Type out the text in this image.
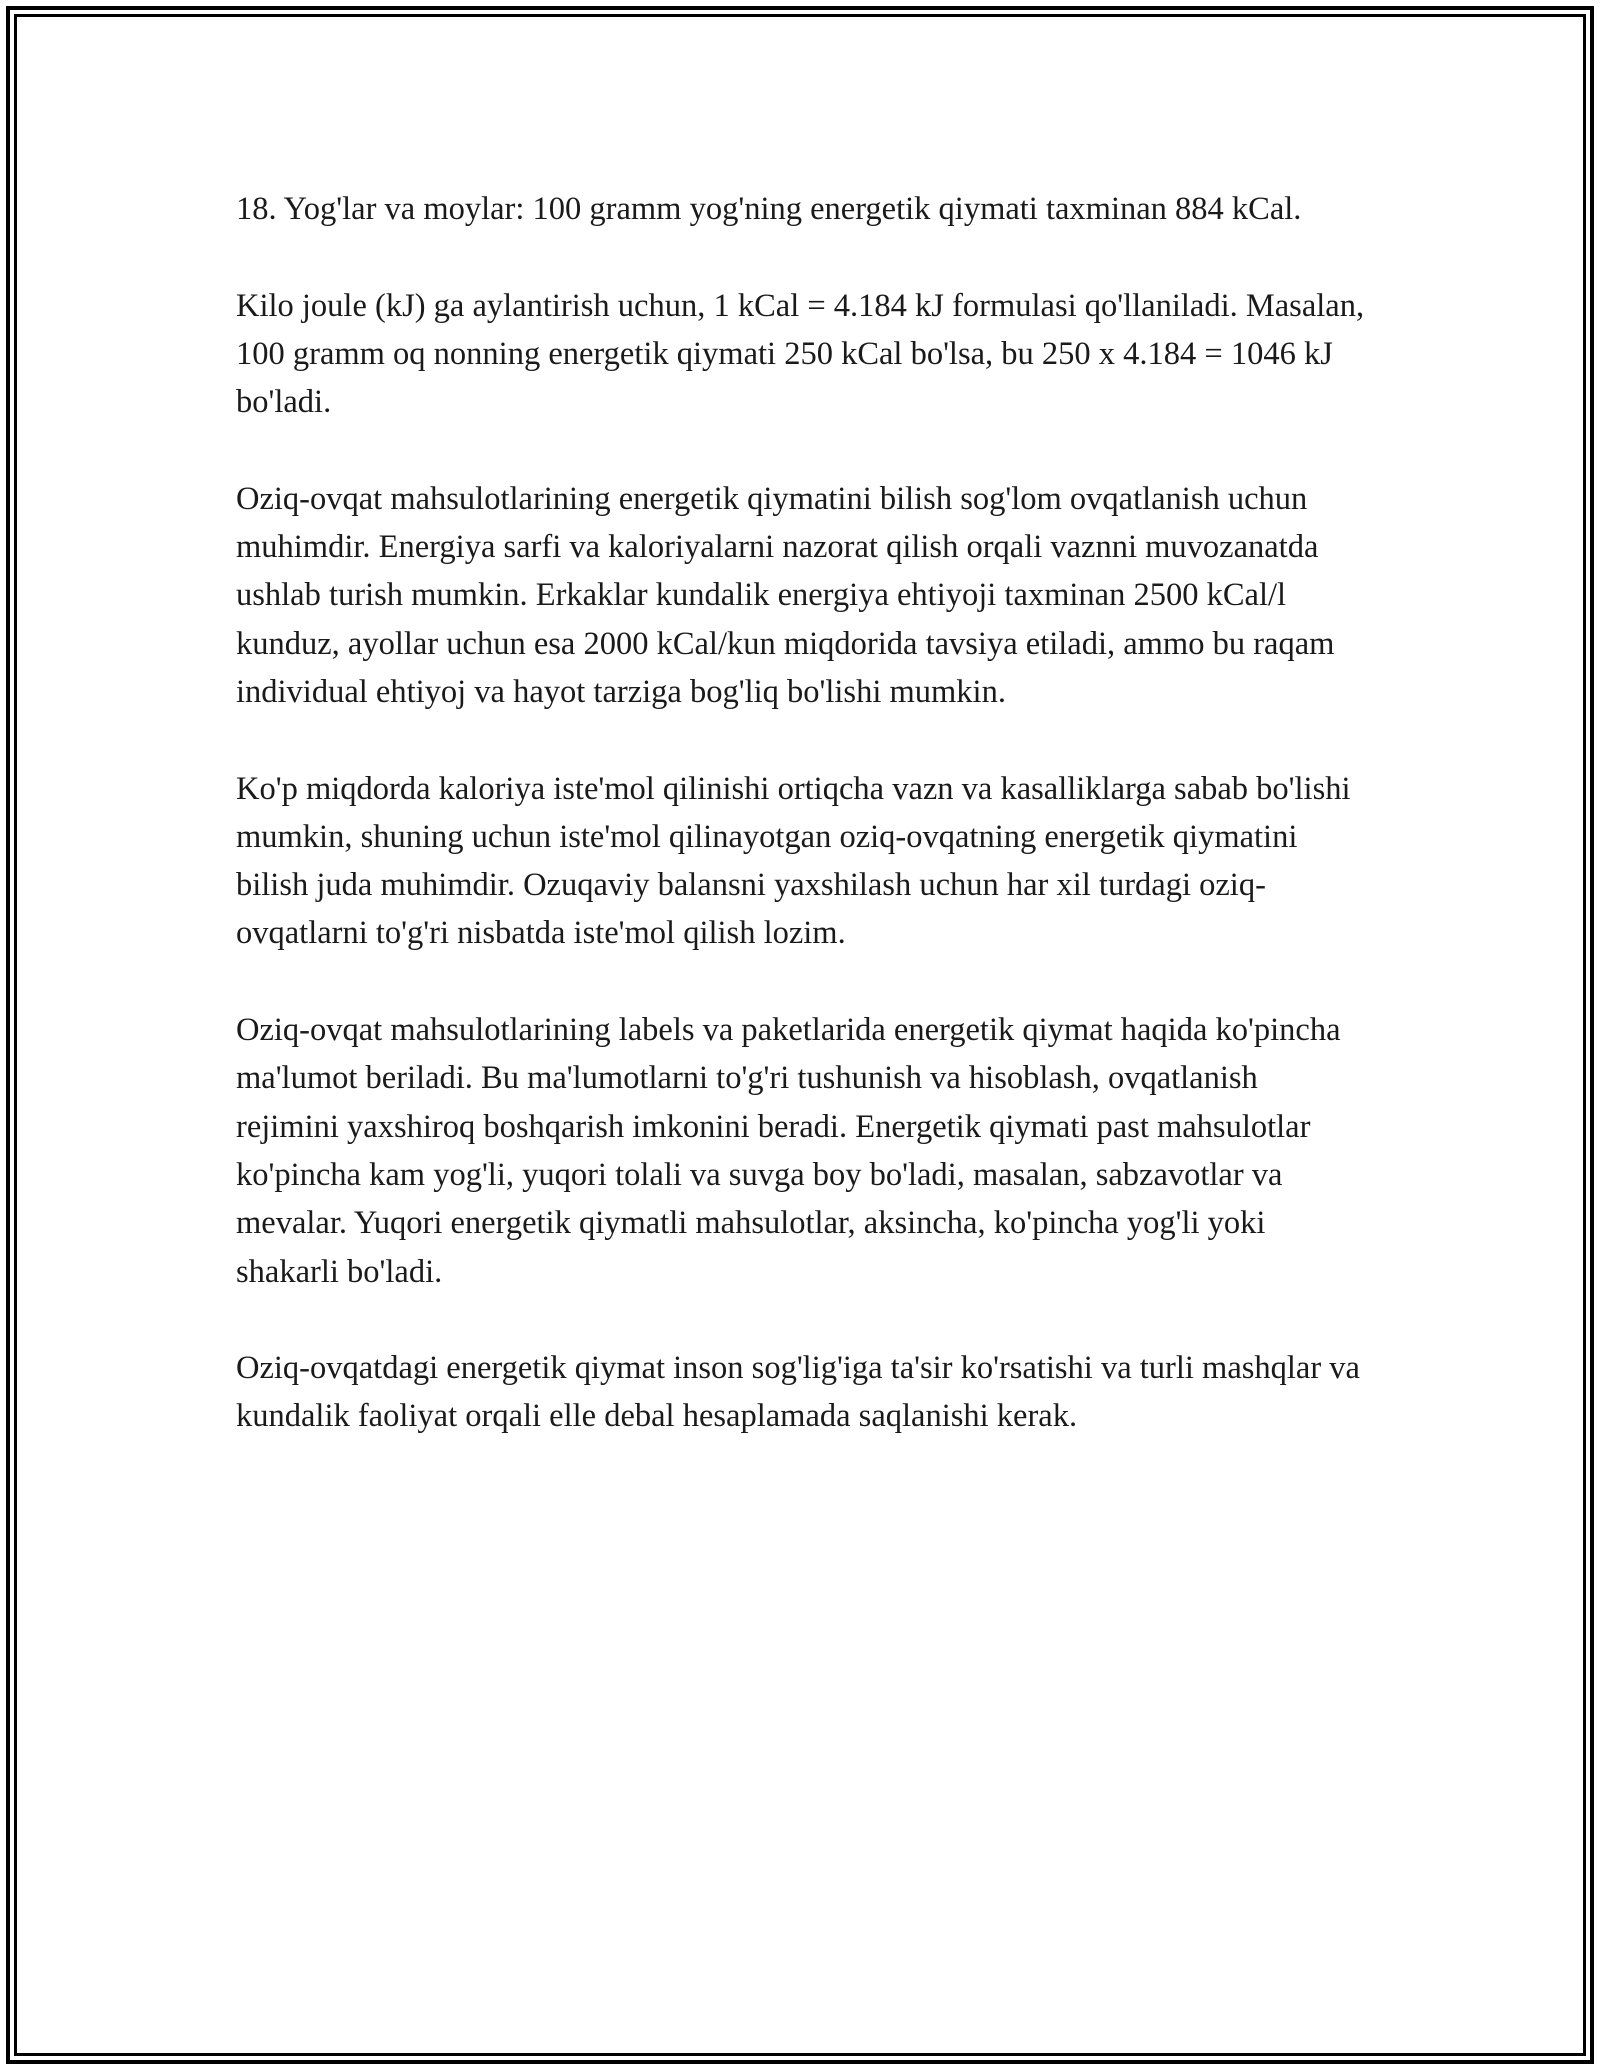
18. Yog'lar va moylar: 100 gramm yog'ning energetik qiymati taxminan 884 kCal.

Kilo joule (kJ) ga aylantirish uchun, 1 kCal = 4.184 kJ formulasi qo'llaniladi. Masalan, 100 gramm oq nonning energetik qiymati 250 kCal bo'lsa, bu 250 x 4.184 = 1046 kJ bo'ladi.

Oziq-ovqat mahsulotlarining energetik qiymatini bilish sog'lom ovqatlanish uchun muhimdir. Energiya sarfi va kaloriyalarni nazorat qilish orqali vaznni muvozanatda ushlab turish mumkin. Erkaklar kundalik energiya ehtiyoji taxminan 2500 kCal/l kunduz, ayollar uchun esa 2000 kCal/kun miqdorida tavsiya etiladi, ammo bu raqam individual ehtiyoj va hayot tarziga bog'liq bo'lishi mumkin.

Ko'p miqdorda kaloriya iste'mol qilinishi ortiqcha vazn va kasalliklarga sabab bo'lishi mumkin, shuning uchun iste'mol qilinayotgan oziq-ovqatning energetik qiymatini bilish juda muhimdir. Ozuqaviy balansni yaxshilash uchun har xil turdagi oziq-ovqatlarni to'g'ri nisbatda iste'mol qilish lozim.

Oziq-ovqat mahsulotlarining labels va paketlarida energetik qiymat haqida ko'pincha ma'lumot beriladi. Bu ma'lumotlarni to'g'ri tushunish va hisoblash, ovqatlanish rejimini yaxshiroq boshqarish imkonini beradi. Energetik qiymati past mahsulotlar ko'pincha kam yog'li, yuqori tolali va suvga boy bo'ladi, masalan, sabzavotlar va mevalar. Yuqori energetik qiymatli mahsulotlar, aksincha, ko'pincha yog'li yoki shakarli bo'ladi.

Oziq-ovqatdagi energetik qiymat inson sog'lig'iga ta'sir ko'rsatishi va turli mashqlar va kundalik faoliyat orqali elle debal hesaplamada saqlanishi kerak.
